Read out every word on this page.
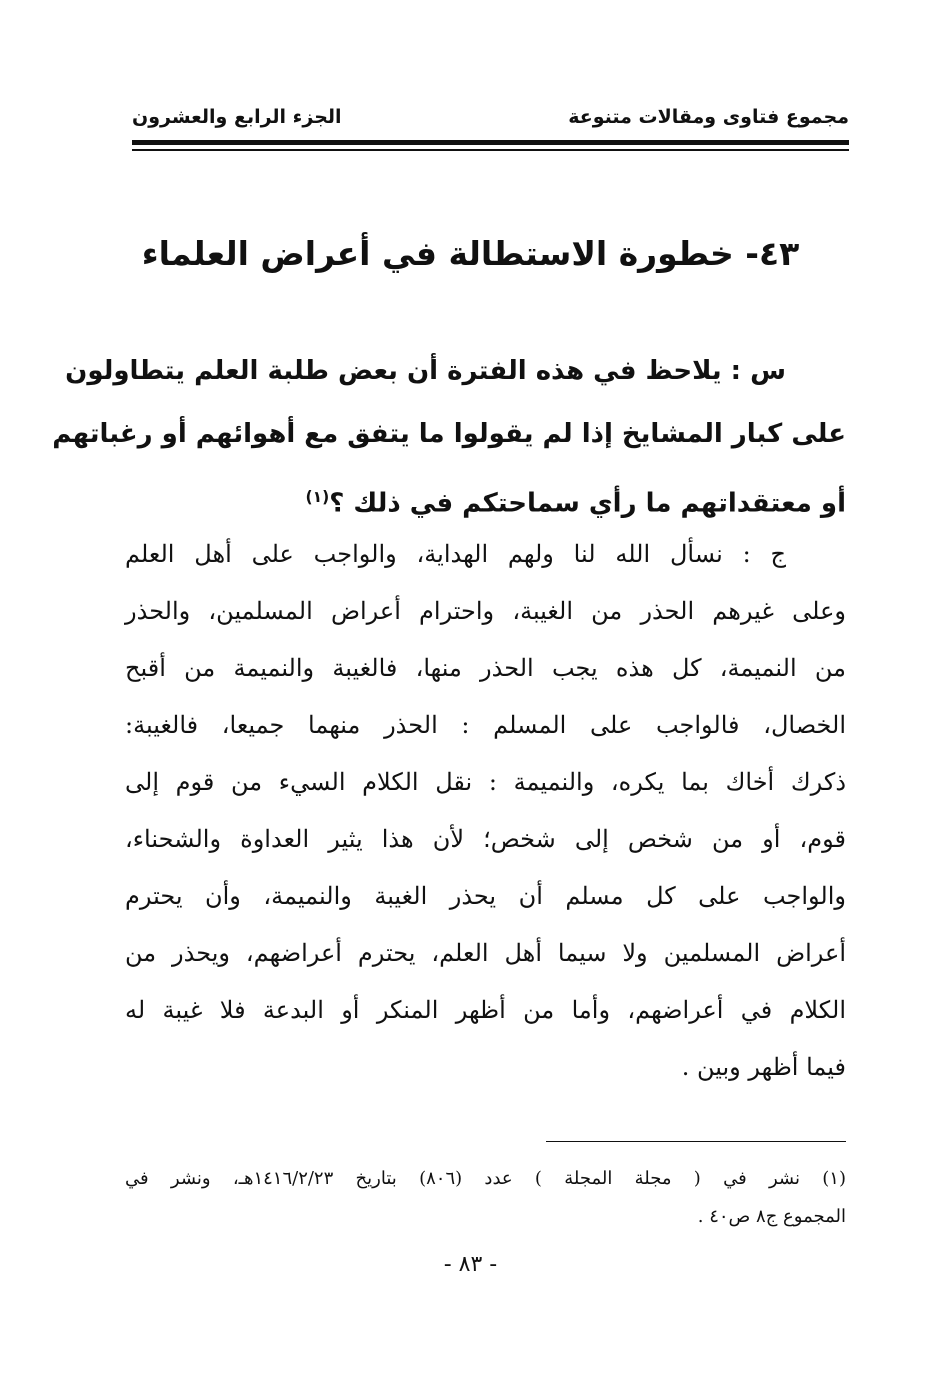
مجموع فتاوى ومقالات متنوعة
الجزء الرابع والعشرون
٤٣- خطورة الاستطالة في أعراض العلماء
س : يلاحظ في هذه الفترة أن بعض طلبة العلم يتطاولون
على كبار المشايخ إذا لم يقولوا ما يتفق مع أهوائهم أو رغباتهم
أو معتقداتهم ما رأي سماحتكم في ذلك ؟$^{(١)}$
ج : نسأل الله لنا ولهم الهداية، والواجب على أهل العلم
وعلى غيرهم الحذر من الغيبة، واحترام أعراض المسلمين، والحذر
من النميمة، كل هذه يجب الحذر منها، فالغيبة والنميمة من أقبح
الخصال، فالواجب على المسلم : الحذر منهما جميعا، فالغيبة:
ذكرك أخاك بما يكره، والنميمة : نقل الكلام السيء من قوم إلى
قوم، أو من شخص إلى شخص؛ لأن هذا يثير العداوة والشحناء،
والواجب على كل مسلم أن يحذر الغيبة والنميمة، وأن يحترم
أعراض المسلمين ولا سيما أهل العلم، يحترم أعراضهم، ويحذر من
الكلام في أعراضهم، وأما من أظهر المنكر أو البدعة فلا غيبة له
فيما أظهر وبين .
(١) نشر في ( مجلة المجلة ) عدد (٨٠٦) بتاريخ ١٤١٦/٢/٢٣هـ، ونشر في
المجموع ج٨ ص٤٠ .
- ٨٣ -
